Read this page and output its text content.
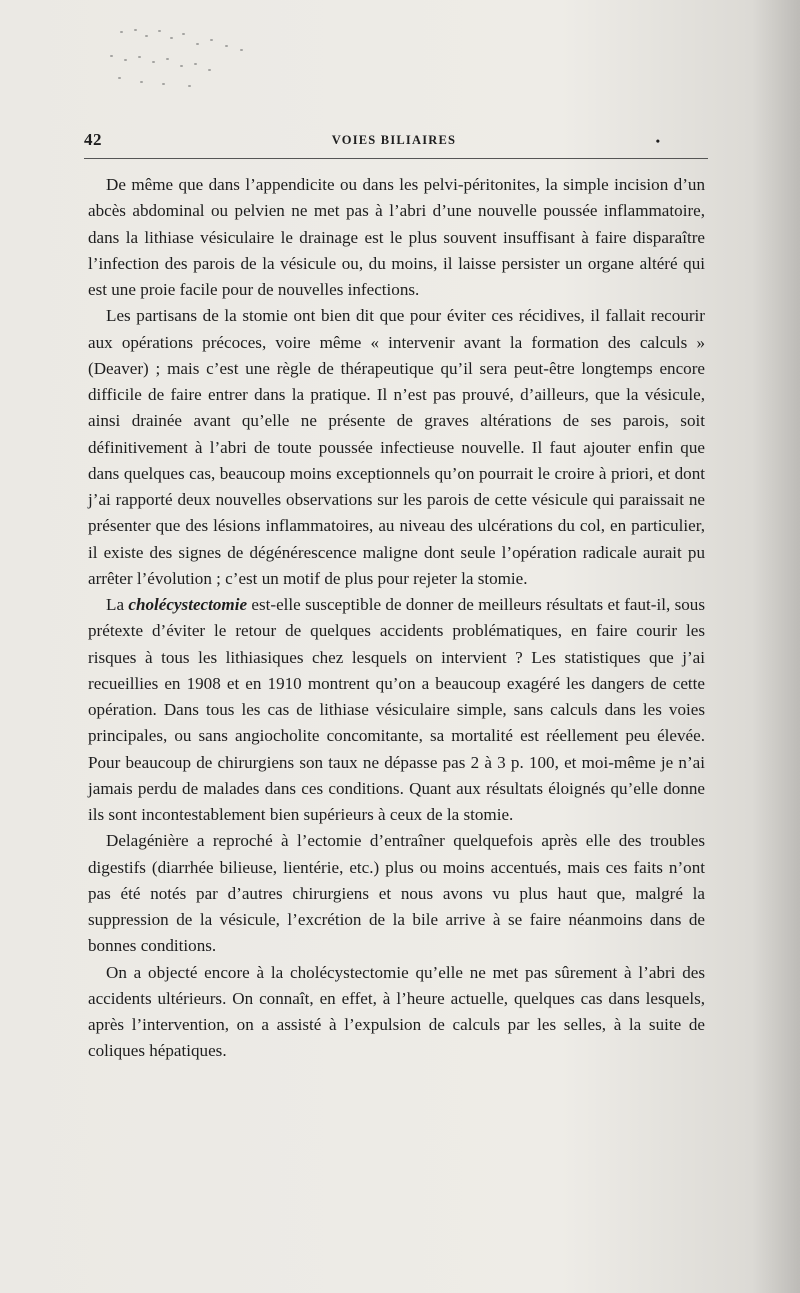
42	VOIES BILIAIRES	•

De même que dans l’appendicite ou dans les pelvi-péritonites, la simple incision d’un abcès abdominal ou pelvien ne met pas à l’abri d’une nouvelle poussée inflammatoire, dans la lithiase vésiculaire le drainage est le plus souvent insuffisant à faire disparaître l’infection des parois de la vésicule ou, du moins, il laisse persister un organe altéré qui est une proie facile pour de nouvelles infections.

Les partisans de la stomie ont bien dit que pour éviter ces récidives, il fallait recourir aux opérations précoces, voire même « intervenir avant la formation des calculs » (Deaver) ; mais c’est une règle de thérapeutique qu’il sera peut-être longtemps encore difficile de faire entrer dans la pratique. Il n’est pas prouvé, d’ailleurs, que la vésicule, ainsi drainée avant qu’elle ne présente de graves altérations de ses parois, soit définitivement à l’abri de toute poussée infectieuse nouvelle. Il faut ajouter enfin que dans quelques cas, beaucoup moins exceptionnels qu’on pourrait le croire à priori, et dont j’ai rapporté deux nouvelles observations sur les parois de cette vésicule qui paraissait ne présenter que des lésions inflammatoires, au niveau des ulcérations du col, en particulier, il existe des signes de dégénérescence maligne dont seule l’opération radicale aurait pu arrêter l’évolution ; c’est un motif de plus pour rejeter la stomie.

La cholécystectomie est-elle susceptible de donner de meilleurs résultats et faut-il, sous prétexte d’éviter le retour de quelques accidents problématiques, en faire courir les risques à tous les lithiasiques chez lesquels on intervient ? Les statistiques que j’ai recueillies en 1908 et en 1910 montrent qu’on a beaucoup exagéré les dangers de cette opération. Dans tous les cas de lithiase vésiculaire simple, sans calculs dans les voies principales, ou sans angiocholite concomitante, sa mortalité est réellement peu élevée. Pour beaucoup de chirurgiens son taux ne dépasse pas 2 à 3 p. 100, et moi-même je n’ai jamais perdu de malades dans ces conditions. Quant aux résultats éloignés qu’elle donne ils sont incontestablement bien supérieurs à ceux de la stomie.

Delagénière a reproché à l’ectomie d’entraîner quelquefois après elle des troubles digestifs (diarrhée bilieuse, lientérie, etc.) plus ou moins accentués, mais ces faits n’ont pas été notés par d’autres chirurgiens et nous avons vu plus haut que, malgré la suppression de la vésicule, l’excrétion de la bile arrive à se faire néanmoins dans de bonnes conditions.

On a objecté encore à la cholécystectomie qu’elle ne met pas sûrement à l’abri des accidents ultérieurs. On connaît, en effet, à l’heure actuelle, quelques cas dans lesquels, après l’intervention, on a assisté à l’expulsion de calculs par les selles, à la suite de coliques hépatiques.
